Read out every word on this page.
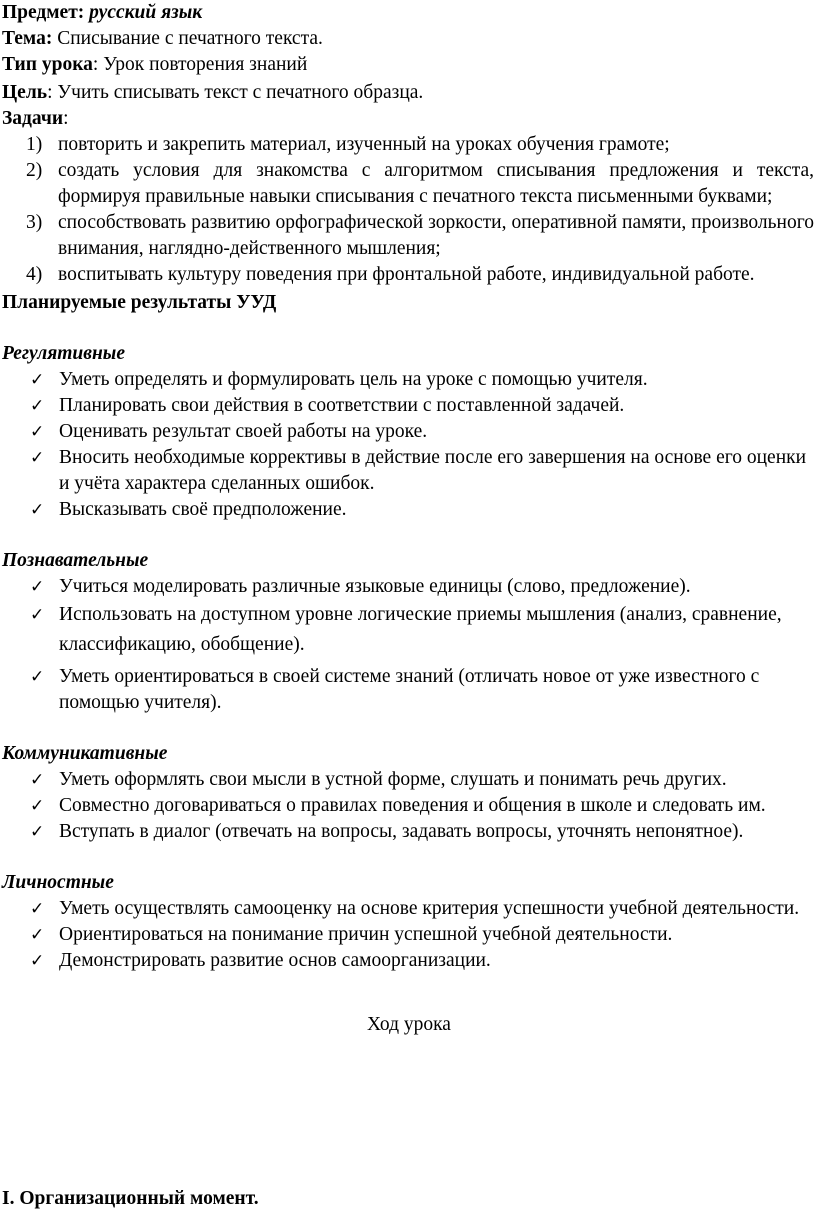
Предмет: русский язык

Тема: Списывание с печатного текста.

Тип урока: Урок повторения знаний

Цель: Учить списывать текст с печатного образца.

Задачи:

1) повторить и закрепить материал, изученный на уроках обучения грамоте;
2) создать условия для знакомства с алгоритмом списывания предложения и текста, формируя правильные навыки списывания с печатного текста письменными буквами;
3) способствовать развитию орфографической зоркости, оперативной памяти, произвольного внимания, наглядно-действенного мышления;
4) воспитывать культуру поведения при фронтальной работе, индивидуальной работе.

Планируемые результаты УУД

Регулятивные

✓ Уметь определять и формулировать цель на уроке с помощью учителя.
✓ Планировать свои действия в соответствии с поставленной задачей.
✓ Оценивать результат своей работы на уроке.
✓ Вносить необходимые коррективы в действие после его завершения на основе его оценки и учёта характера сделанных ошибок.
✓ Высказывать своё предположение.

Познавательные

✓ Учиться моделировать различные языковые единицы (слово, предложение).
✓ Использовать на доступном уровне логические приемы мышления (анализ, сравнение, классификацию, обобщение).
✓ Уметь ориентироваться в своей системе знаний (отличать новое от уже известного с помощью учителя).

Коммуникативные

✓ Уметь оформлять свои мысли в устной форме, слушать и понимать речь других.
✓ Совместно договариваться о правилах поведения и общения в школе и следовать им.
✓ Вступать в диалог (отвечать на вопросы, задавать вопросы, уточнять непонятное).

Личностные

✓ Уметь осуществлять самооценку на основе критерия успешности учебной деятельности.
✓ Ориентироваться на понимание причин успешной учебной деятельности.
✓ Демонстрировать развитие основ самоорганизации.

Ход урока

I. Организационный момент.
